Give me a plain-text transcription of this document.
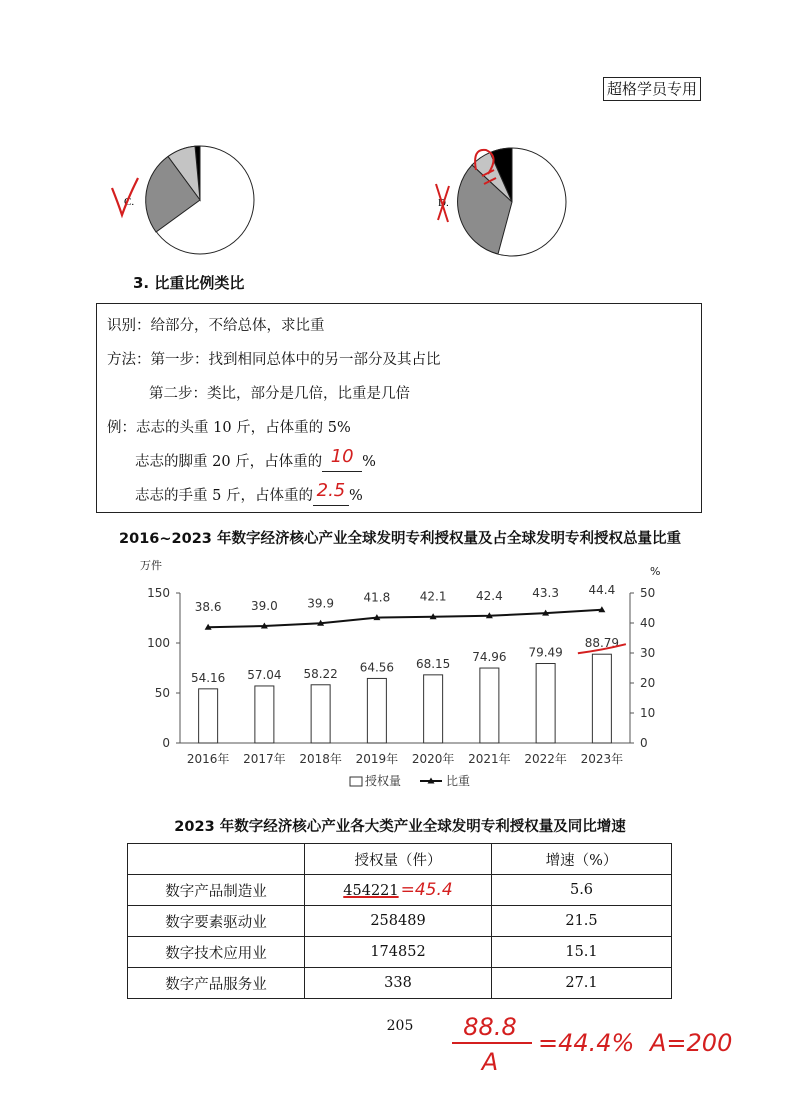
超格学员专用
C.	D.
3. 比重比例类比
识别：给部分，不给总体，求比重
方法：第一步：找到相同总体中的另一部分及其占比
第二步：类比，部分是几倍，比重是几倍
例：志志的头重 10 斤，占体重的 5%
志志的脚重 20 斤，占体重的 10 %
志志的手重 5 斤，占体重的 2.5 %
2016~2023 年数字经济核心产业全球发明专利授权量及占全球发明专利授权总量比重
万件	%
0
50
100
150
0
10
20
30
40
50
54.16
2016年
38.6
57.04
2017年
39.0
58.22
2018年
39.9
64.56
2019年
41.8
68.15
2020年
42.1
74.96
2021年
42.4
79.49
2022年
43.3
88.79
2023年
44.4
授权量	比重
2023 年数字经济核心产业各大类产业全球发明专利授权量及同比增速
	授权量（件）	增速（%）
数字产品制造业	454221 =45.4	5.6
数字要素驱动业	258489	21.5
数字技术应用业	174852	15.1
数字产品服务业	338	27.1
205	88.8
A
=44.4% A=200
